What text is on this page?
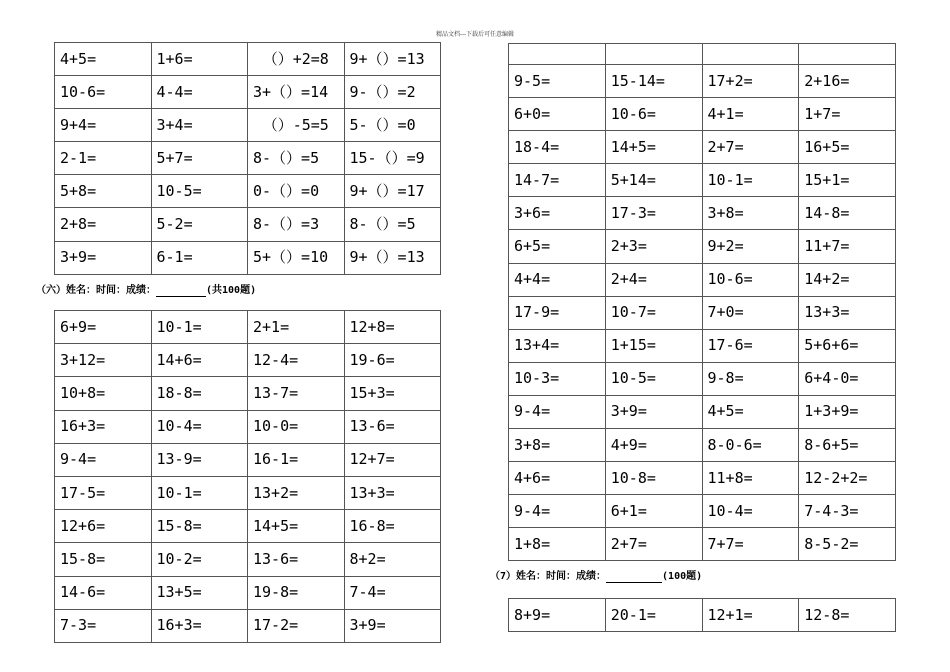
精品文档---下载后可任意编辑
4+5=	1+6=	（）+2=8	9+（）=13
10-6=	4-4=	3+（）=14	9-（）=2
9+4=	3+4=	（）-5=5	5-（）=0
2-1=	5+7=	8-（）=5	15-（）=9
5+8=	10-5=	0-（）=0	9+（）=17
2+8=	5-2=	8-（）=3	8-（）=5
3+9=	6-1=	5+（）=10	9+（）=13
（六）姓名：时间：成绩：	(共100题)
6+9=	10-1=	2+1=	12+8=
3+12=	14+6=	12-4=	19-6=
10+8=	18-8=	13-7=	15+3=
16+3=	10-4=	10-0=	13-6=
9-4=	13-9=	16-1=	12+7=
17-5=	10-1=	13+2=	13+3=
12+6=	15-8=	14+5=	16-8=
15-8=	10-2=	13-6=	8+2=
14-6=	13+5=	19-8=	7-4=
7-3=	16+3=	17-2=	3+9=

9-5=	15-14=	17+2=	2+16=
6+0=	10-6=	4+1=	1+7=
18-4=	14+5=	2+7=	16+5=
14-7=	5+14=	10-1=	15+1=
3+6=	17-3=	3+8=	14-8=
6+5=	2+3=	9+2=	11+7=
4+4=	2+4=	10-6=	14+2=
17-9=	10-7=	7+0=	13+3=
13+4=	1+15=	17-6=	5+6+6=
10-3=	10-5=	9-8=	6+4-0=
9-4=	3+9=	4+5=	1+3+9=
3+8=	4+9=	8-0-6=	8-6+5=
4+6=	10-8=	11+8=	12-2+2=
9-4=	6+1=	10-4=	7-4-3=
1+8=	2+7=	7+7=	8-5-2=
（7）姓名：时间：成绩：	(100题)
8+9=	20-1=	12+1=	12-8=
